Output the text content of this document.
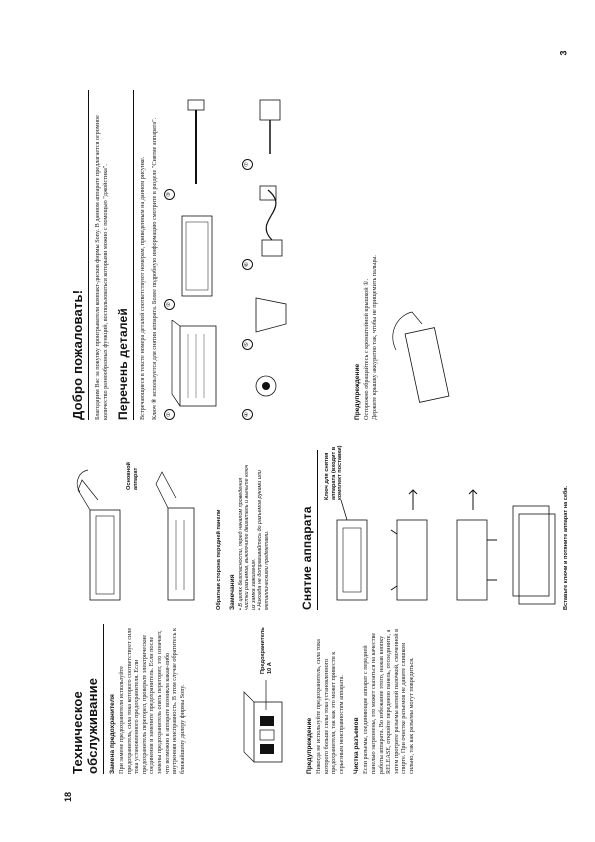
18
3
Техническое обслуживание Замена предохранителя При замене предохранителя используйте предохранитель, сила тока которого соответствует силе тока установленного предохранителя. Если предохранитель перегорел, проверьте электрические соединения и замените предохранитель. Если после замены предохранитель опять перегорит, это означает, что возможно в аппарате возникла какая-либо внутренняя неисправность. В этом случае обратитесь к ближайшему дилеру фирмы Sony.
Предохранитель 10 A
Предупреждение Никогда не используйте предохранитель, сила тока которого больше силы тока установленного предохранителя, так как это может привести к серьезным неисправностям аппарата. Чистка разъемов Если разъемы, соединяющие аппарат с передней панелью загрязнены, это может сказаться на качестве работы аппарата. Во избежание этого, нажав кнопку RELEASE, откройте переднюю панель, отсоедините, а затем протрите разъемы ватной палочкой, смоченной в спирте. При очистке разъемов не давите слишком сильно, так как разъемы могут повредиться.
Основной аппарат
Обратная сторона передней панели Замечания • В целях безопасности, перед началом проведения чистки разъемов, выключите двигатель и выньте ключ из замка зажигания. • Никогда не дотрагивайтесь до разъемов руками или металлическими предметами.	Снятие аппарата
Ключ для снятия аппарата (входит в комплект поставки)
Вставьте ключи и потяните аппарат на себя.
Добро пожаловать! Благодарим Вас за покупку проигрывателя компакт-дисков фирмы Sony. В данном аппарате предлагается огромное количество разнообразных функций, воспользоваться которыми можно с помощью "джойстика". Перечень деталей Встречающиеся в тексте номера деталей соответствуют номерам, приведенным на данном рисунке. Ключ ⑧ используется для снятия аппарата. Более подробную информацию смотрите в разделе "Снятие аппарата".	①
②
③
④
⑤
⑥
⑦
Предупреждение Осторожно обращайтесь с кронштейной крышкой ①.
Держите крышку аккуратно так, чтобы не прищемить пальцы.
